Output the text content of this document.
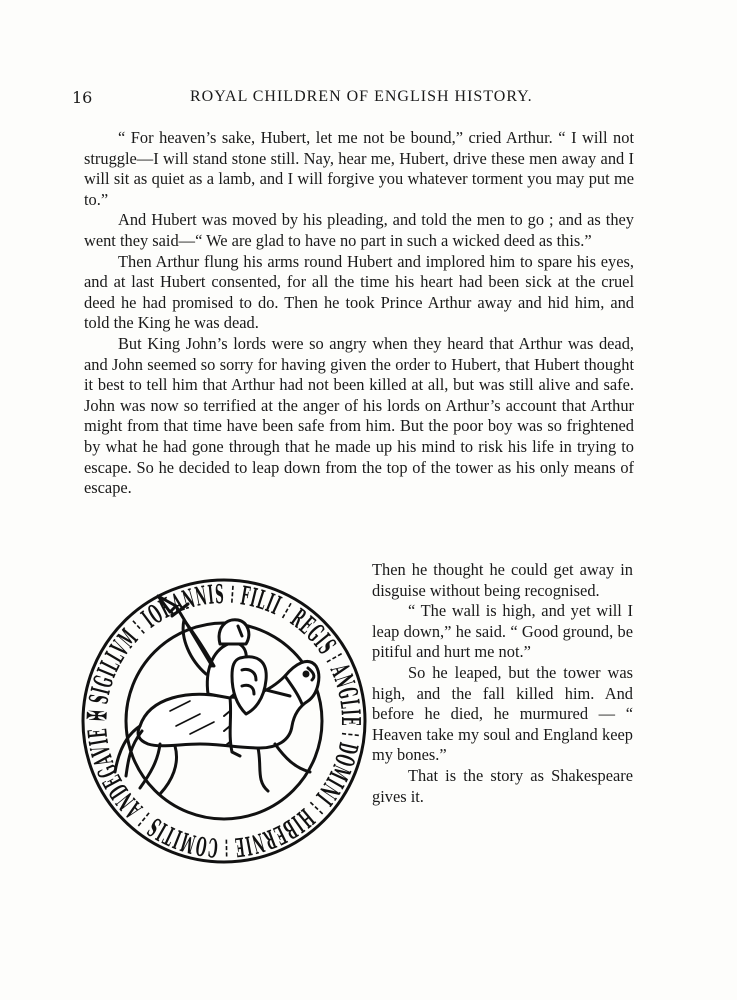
16	ROYAL CHILDREN OF ENGLISH HISTORY.

“ For heaven’s sake, Hubert, let me not be bound,” cried Arthur. “ I will not struggle—I will stand stone still. Nay, hear me, Hubert, drive these men away and I will sit as quiet as a lamb, and I will forgive you whatever torment you may put me to.”

And Hubert was moved by his pleading, and told the men to go ; and as they went they said—“ We are glad to have no part in such a wicked deed as this.”

Then Arthur flung his arms round Hubert and implored him to spare his eyes, and at last Hubert consented, for all the time his heart had been sick at the cruel deed he had promised to do. Then he took Prince Arthur away and hid him, and told the King he was dead.

But King John’s lords were so angry when they heard that Arthur was dead, and John seemed so sorry for having given the order to Hubert, that Hubert thought it best to tell him that Arthur had not been killed at all, but was still alive and safe. John was now so terrified at the anger of his lords on Arthur’s account that Arthur might from that time have been safe from him. But the poor boy was so frightened by what he had gone through that he made up his mind to risk his life in trying to escape. So he decided to leap down from the top of the tower as his only means of escape.

✠ SIGILLVM ⁝ IO ANNIS ⁝ FILII ⁝ REGIS ⁝ ANGLIE ⁝ DOMINI ⁝ HIBERNIE ⁝ COMITIS ⁝ ANDEGAVIE

Then he thought he could get away in disguise without being recognised.

“ The wall is high, and yet will I leap down,” he said. “ Good ground, be pitiful and hurt me not.”

So he leaped, but the tower was high, and the fall killed him. And before he died, he murmured — “ Heaven take my soul and England keep my bones.”

That is the story as Shakespeare gives it.
